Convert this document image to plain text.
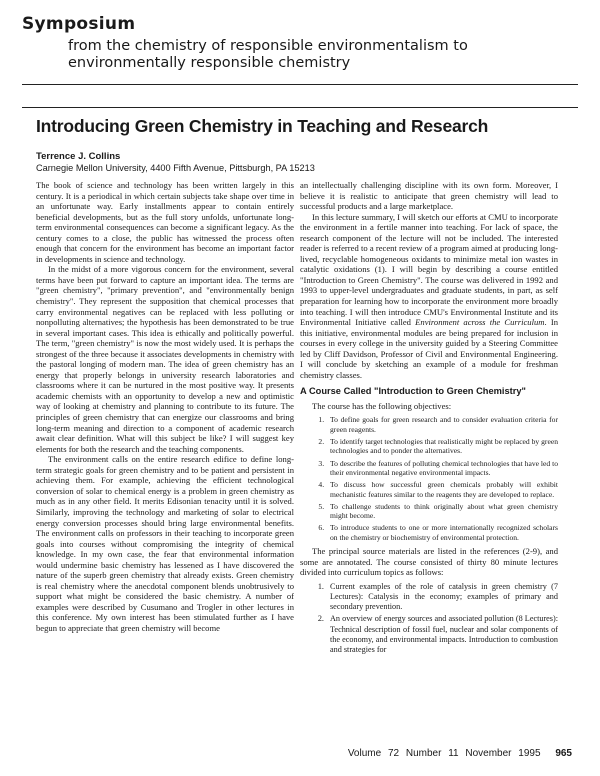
Symposium

from the chemistry of responsible environmentalism to environmentally responsible chemistry

Introducing Green Chemistry in Teaching and Research
Terrence J. Collins
Carnegie Mellon University, 4400 Fifth Avenue, Pittsburgh, PA 15213

The book of science and technology has been written largely in this century. It is a periodical in which certain subjects take shape over time in an unfortunate way. Early installments appear to contain entirely beneficial developments, but as the full story unfolds, unfortunate long-term environmental consequences can become a significant legacy. As the century comes to a close, the public has witnessed the process often enough that concern for the environment has become an important factor in developments in science and technology.

In the midst of a more vigorous concern for the environment, several terms have been put forward to capture an important idea. The terms are "green chemistry", "primary prevention", and "environmentally benign chemistry". They represent the supposition that chemical processes that carry environmental negatives can be replaced with less polluting or nonpolluting alternatives; the hypothesis has been demonstrated to be true in several important cases. This idea is ethically and politically powerful. The term, "green chemistry" is now the most widely used. It is perhaps the strongest of the three because it associates developments in chemistry with the pastoral longing of modern man. The idea of green chemistry has an energy that properly belongs in university research laboratories and classrooms where it can be nurtured in the most positive way. It presents academic chemists with an opportunity to develop a new and optimistic way of looking at chemistry and planning to contribute to its future. The principles of green chemistry that can energize our classrooms and bring long-term meaning and direction to a component of academic research await clear definition. What will this subject be like? I will suggest key elements for both the research and the teaching components.

The environment calls on the entire research edifice to define long-term strategic goals for green chemistry and to be patient and persistent in achieving them. For example, achieving the efficient technological conversion of solar to chemical energy is a problem in green chemistry as much as in any other field. It merits Edisonian tenacity until it is solved. Similarly, improving the technology and marketing of solar to electrical energy conversion processes should bring large environmental benefits. The environment calls on professors in their teaching to incorporate green goals into courses without compromising the integrity of chemical knowledge. In my own case, the fear that environmental information would undermine basic chemistry has lessened as I have discovered the nature of the superb green chemistry that already exists. Green chemistry is real chemistry where the anecdotal component blends unobtrusively to support what might be considered the basic chemistry. A number of examples were described by Cusumano and Trogler in other lectures in this conference. My own interest has been stimulated further as I have begun to appreciate that green chemistry will become

an intellectually challenging discipline with its own form. Moreover, I believe it is realistic to anticipate that green chemistry will lead to successful products and a large marketplace.

In this lecture summary, I will sketch our efforts at CMU to incorporate the environment in a fertile manner into teaching. For lack of space, the research component of the lecture will not be included. The interested reader is referred to a recent review of a program aimed at producing long-lived, recyclable homogeneous oxidants to minimize metal ion wastes in catalytic oxidations (1). I will begin by describing a course entitled "Introduction to Green Chemistry". The course was delivered in 1992 and 1993 to upper-level undergraduates and graduate students, in part, as self preparation for learning how to incorporate the environment more broadly into teaching. I will then introduce CMU's Environmental Institute and its Environmental Initiative called Environment across the Curriculum. In this initiative, environmental modules are being prepared for inclusion in courses in every college in the university guided by a Steering Committee led by Cliff Davidson, Professor of Civil and Environmental Engineering. I will conclude by sketching an example of a module for freshman chemistry classes.

A Course Called "Introduction to Green Chemistry"

The course has the following objectives:

1. To define goals for green research and to consider evaluation criteria for green reagents.
2. To identify target technologies that realistically might be replaced by green technologies and to ponder the alternatives.
3. To describe the features of polluting chemical technologies that have led to their environmental negative environmental impacts.
4. To discuss how successful green chemicals probably will exhibit mechanistic features similar to the reagents they are developed to replace.
5. To challenge students to think originally about what green chemistry might become.
6. To introduce students to one or more internationally recognized scholars on the chemistry or biochemistry of environmental protection.

The principal source materials are listed in the references (2-9), and some are annotated. The course consisted of thirty 80 minute lectures divided into curriculum topics as follows:

1. Current examples of the role of catalysis in green chemistry (7 Lectures): Catalysis in the economy; examples of primary and secondary prevention.
2. An overview of energy sources and associated pollution (8 Lectures): Technical description of fossil fuel, nuclear and solar components of the economy, and environmental impacts. Introduction to combustion and strategies for
Volume 72 Number 11 November 1995 965
